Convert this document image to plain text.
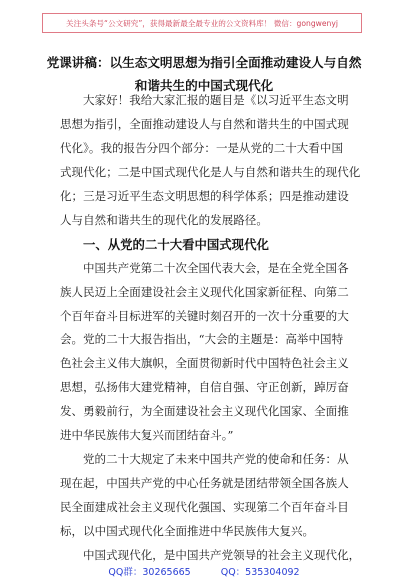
关注头条号“公文研究”，获得最新最全最专业的公文资料库！ 微信：gongwenyj
党课讲稿：以生态文明思想为指引全面推动建设人与自然
和谐共生的中国式现代化
大家好！我给大家汇报的题目是《以习近平生态文明
思想为指引，全面推动建设人与自然和谐共生的中国式现
代化》。我的报告分四个部分：一是从党的二十大看中国
式现代化；二是中国式现代化是人与自然和谐共生的现代化
化；三是习近平生态文明思想的科学体系；四是推动建设
人与自然和谐共生的现代化的发展路径。
一、从党的二十大看中国式现代化
中国共产党第二十次全国代表大会，是在全党全国各
族人民迈上全面建设社会主义现代化国家新征程、向第二
个百年奋斗目标进军的关键时刻召开的一次十分重要的大
会。党的二十大报告指出，“大会的主题是：高举中国特
色社会主义伟大旗帜，全面贯彻新时代中国特色社会主义
思想，弘扬伟大建党精神，自信自强、守正创新，踔厉奋
发、勇毅前行，为全面建设社会主义现代化国家、全面推
进中华民族伟大复兴而团结奋斗。”
党的二十大规定了未来中国共产党的使命和任务：从
现在起，中国共产党的中心任务就是团结带领全国各族人
民全面建成社会主义现代化强国、实现第二个百年奋斗目
标，以中国式现代化全面推进中华民族伟大复兴。
中国式现代化，是中国共产党领导的社会主义现代化，
QQ群：30265665	QQ：535304092
